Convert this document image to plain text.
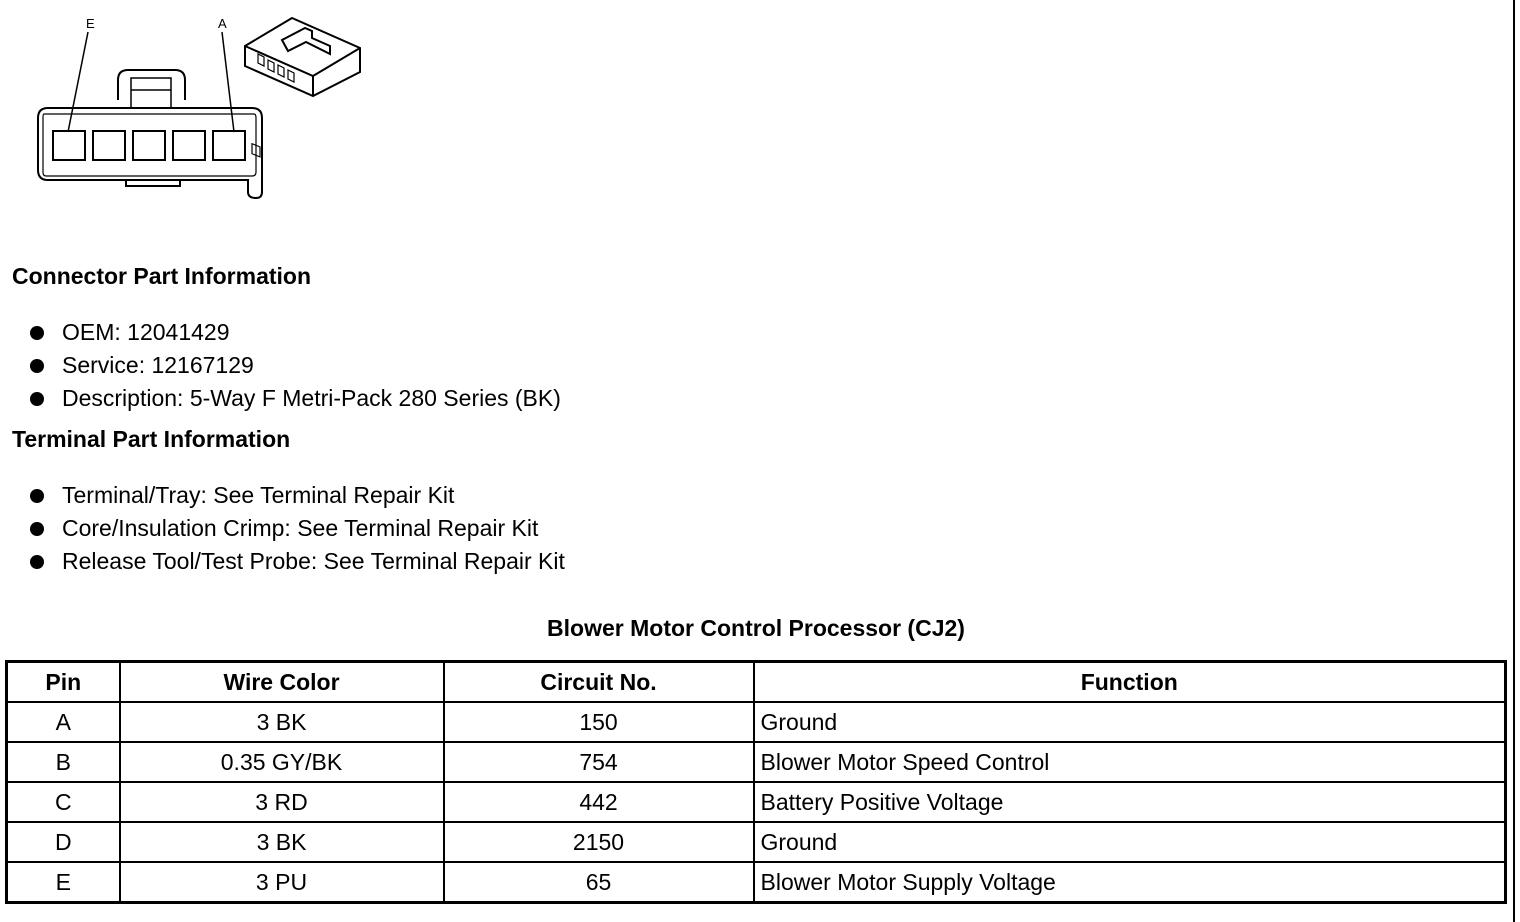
E	A
Connector Part Information
OEM: 12041429
Service: 12167129
Description: 5-Way F Metri-Pack 280 Series (BK)
Terminal Part Information
Terminal/Tray: See Terminal Repair Kit
Core/Insulation Crimp: See Terminal Repair Kit
Release Tool/Test Probe: See Terminal Repair Kit
Blower Motor Control Processor (CJ2)
Pin	Wire Color	Circuit No.	Function
A	3 BK	150	Ground
B	0.35 GY/BK	754	Blower Motor Speed Control
C	3 RD	442	Battery Positive Voltage
D	3 BK	2150	Ground
E	3 PU	65	Blower Motor Supply Voltage
